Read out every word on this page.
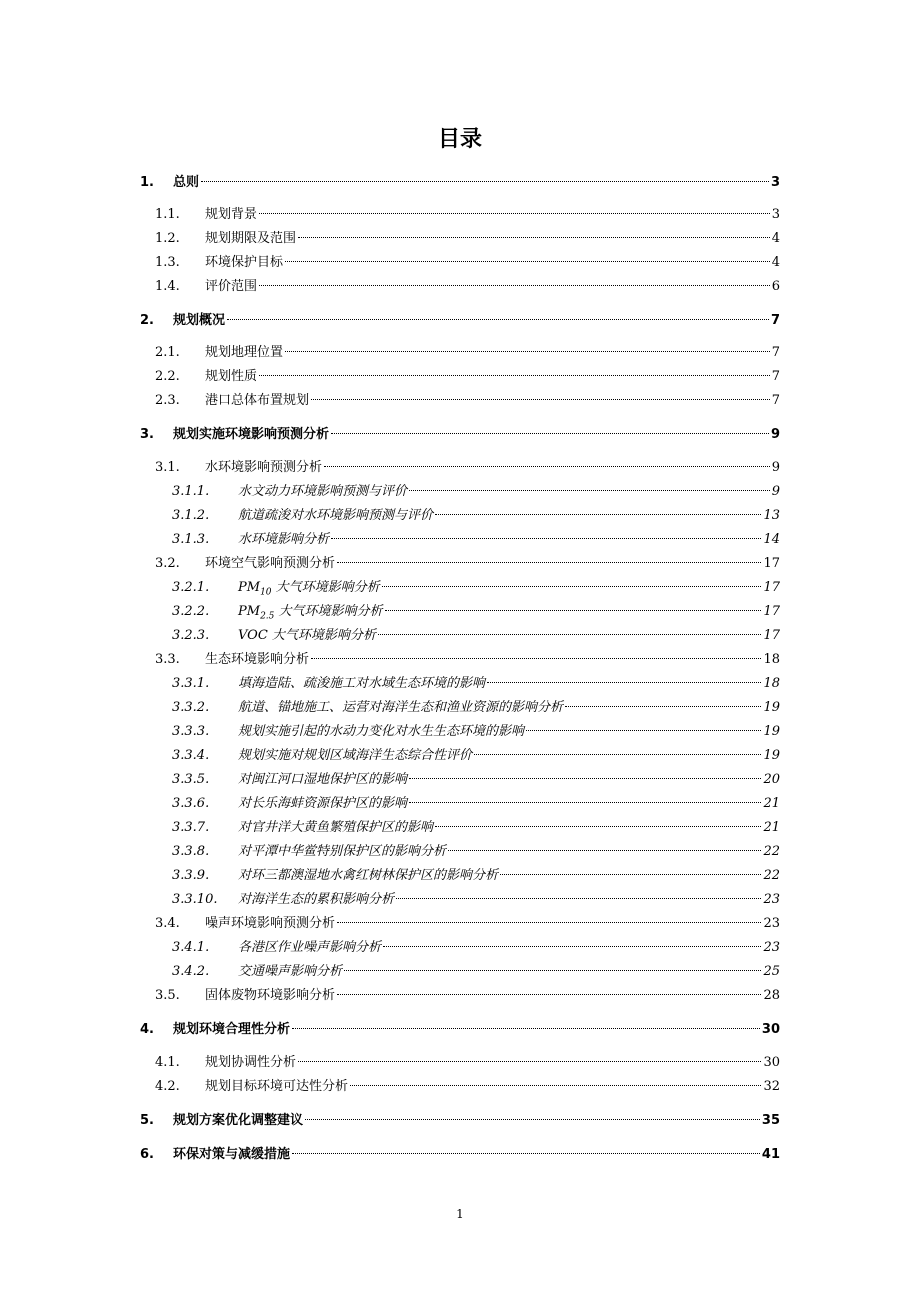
目录
1.	总则	3
1.1.	规划背景	3
1.2.	规划期限及范围	4
1.3.	环境保护目标	4
1.4.	评价范围	6
2.	规划概况	7
2.1.	规划地理位置	7
2.2.	规划性质	7
2.3.	港口总体布置规划	7
3.	规划实施环境影响预测分析	9
3.1.	水环境影响预测分析	9
3.1.1.	水文动力环境影响预测与评价	9
3.1.2.	航道疏浚对水环境影响预测与评价	13
3.1.3.	水环境影响分析	14
3.2.	环境空气影响预测分析	17
3.2.1.	$PM_{10}$ 大气环境影响分析	17
3.2.2.	$PM_{2.5}$ 大气环境影响分析	17
3.2.3.	VOC 大气环境影响分析	17
3.3.	生态环境影响分析	18
3.3.1.	填海造陆、疏浚施工对水域生态环境的影响	18
3.3.2.	航道、锚地施工、运营对海洋生态和渔业资源的影响分析	19
3.3.3.	规划实施引起的水动力变化对水生生态环境的影响	19
3.3.4.	规划实施对规划区域海洋生态综合性评价	19
3.3.5.	对闽江河口湿地保护区的影响	20
3.3.6.	对长乐海蚌资源保护区的影响	21
3.3.7.	对官井洋大黄鱼繁殖保护区的影响	21
3.3.8.	对平潭中华鲎特别保护区的影响分析	22
3.3.9.	对环三都澳湿地水禽红树林保护区的影响分析	22
3.3.10.	对海洋生态的累积影响分析	23
3.4.	噪声环境影响预测分析	23
3.4.1.	各港区作业噪声影响分析	23
3.4.2.	交通噪声影响分析	25
3.5.	固体废物环境影响分析	28
4.	规划环境合理性分析	30
4.1.	规划协调性分析	30
4.2.	规划目标环境可达性分析	32
5.	规划方案优化调整建议	35
6.	环保对策与减缓措施	41
1
